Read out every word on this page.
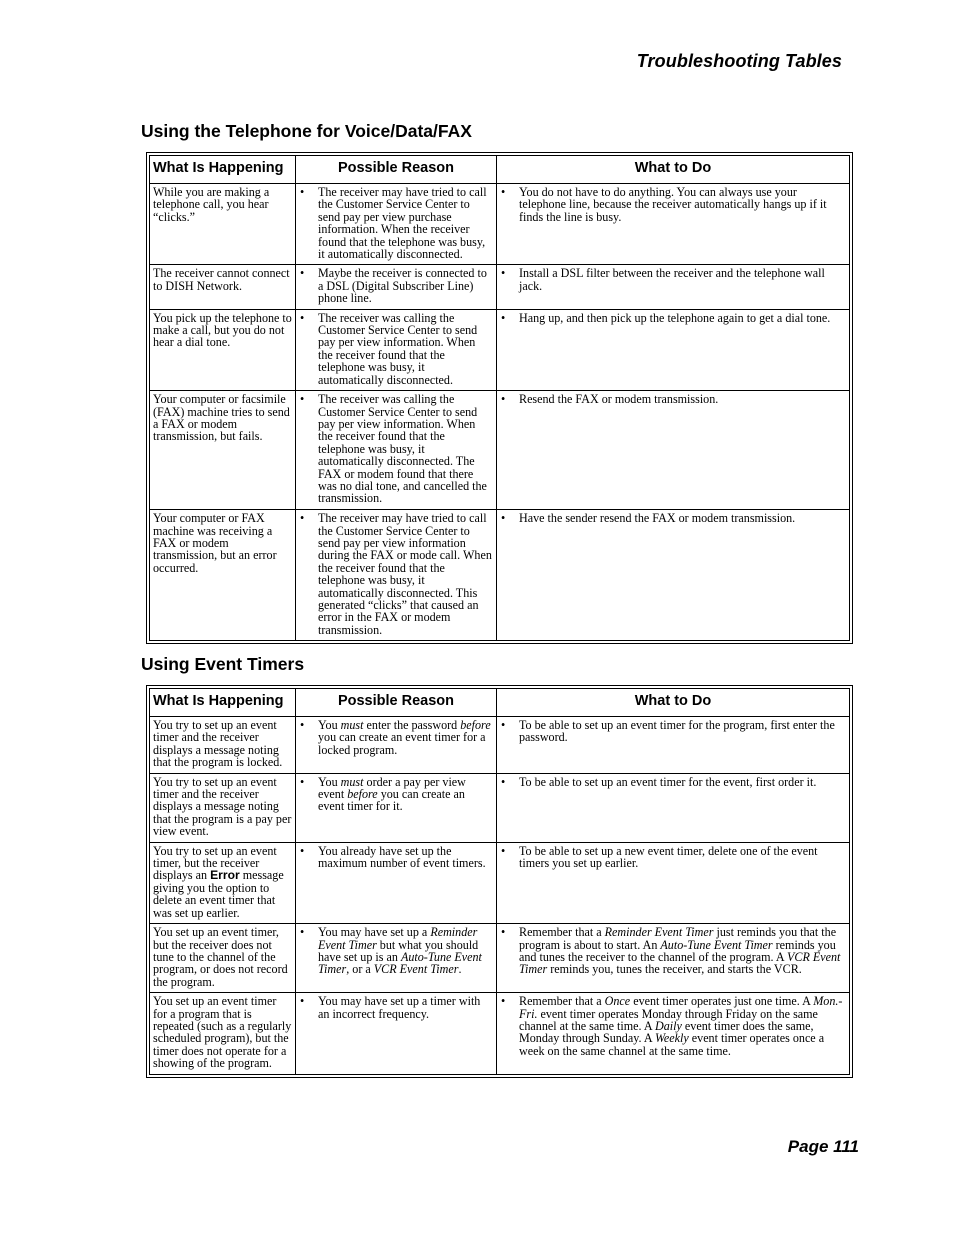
Troubleshooting Tables
Using the Telephone for Voice/Data/FAX
What Is Happening	Possible Reason	What to Do
While you are making a telephone call, you hear “clicks.”	• The receiver may have tried to call the Customer Service Center to send pay per view purchase information. When the receiver found that the telephone was busy, it automatically disconnected.	• You do not have to do anything. You can always use your telephone line, because the receiver automatically hangs up if it finds the line is busy.

The receiver cannot connect to DISH Network.	• Maybe the receiver is connected to a DSL (Digital Subscriber Line) phone line.	• Install a DSL filter between the receiver and the telephone wall jack.

You pick up the telephone to make a call, but you do not hear a dial tone.	• The receiver was calling the Customer Service Center to send pay per view information. When the receiver found that the telephone was busy, it automatically disconnected.	• Hang up, and then pick up the telephone again to get a dial tone.

Your computer or facsimile (FAX) machine tries to send a FAX or modem transmission, but fails.	• The receiver was calling the Customer Service Center to send pay per view information. When the receiver found that the telephone was busy, it automatically disconnected. The FAX or modem found that there was no dial tone, and cancelled the transmission.	• Resend the FAX or modem transmission.

Your computer or FAX machine was receiving a FAX or modem transmission, but an error occurred.	• The receiver may have tried to call the Customer Service Center to send pay per view information during the FAX or mode call. When the receiver found that the telephone was busy, it automatically disconnected. This generated “clicks” that caused an error in the FAX or modem transmission.	• Have the sender resend the FAX or modem transmission.
Using Event Timers
What Is Happening	Possible Reason	What to Do
You try to set up an event timer and the receiver displays a message noting that the program is locked.	• You must enter the password before you can create an event timer for a locked program.	• To be able to set up an event timer for the program, first enter the password.

You try to set up an event timer and the receiver displays a message noting that the program is a pay per view event.	• You must order a pay per view event before you can create an event timer for it.	• To be able to set up an event timer for the event, first order it.

You try to set up an event timer, but the receiver displays an Error message giving you the option to delete an event timer that was set up earlier.	• You already have set up the maximum number of event timers.	• To be able to set up a new event timer, delete one of the event timers you set up earlier.

You set up an event timer, but the receiver does not tune to the channel of the program, or does not record the program.	• You may have set up a Reminder Event Timer but what you should have set up is an Auto-Tune Event Timer, or a VCR Event Timer.	• Remember that a Reminder Event Timer just reminds you that the program is about to start. An Auto-Tune Event Timer reminds you and tunes the receiver to the channel of the program. A VCR Event Timer reminds you, tunes the receiver, and starts the VCR.

You set up an event timer for a program that is repeated (such as a regularly scheduled program), but the timer does not operate for a showing of the program.	• You may have set up a timer with an incorrect frequency.	• Remember that a Once event timer operates just one time. A Mon.-Fri. event timer operates Monday through Friday on the same channel at the same time. A Daily event timer does the same, Monday through Sunday. A Weekly event timer operates once a week on the same channel at the same time.
Page 111
